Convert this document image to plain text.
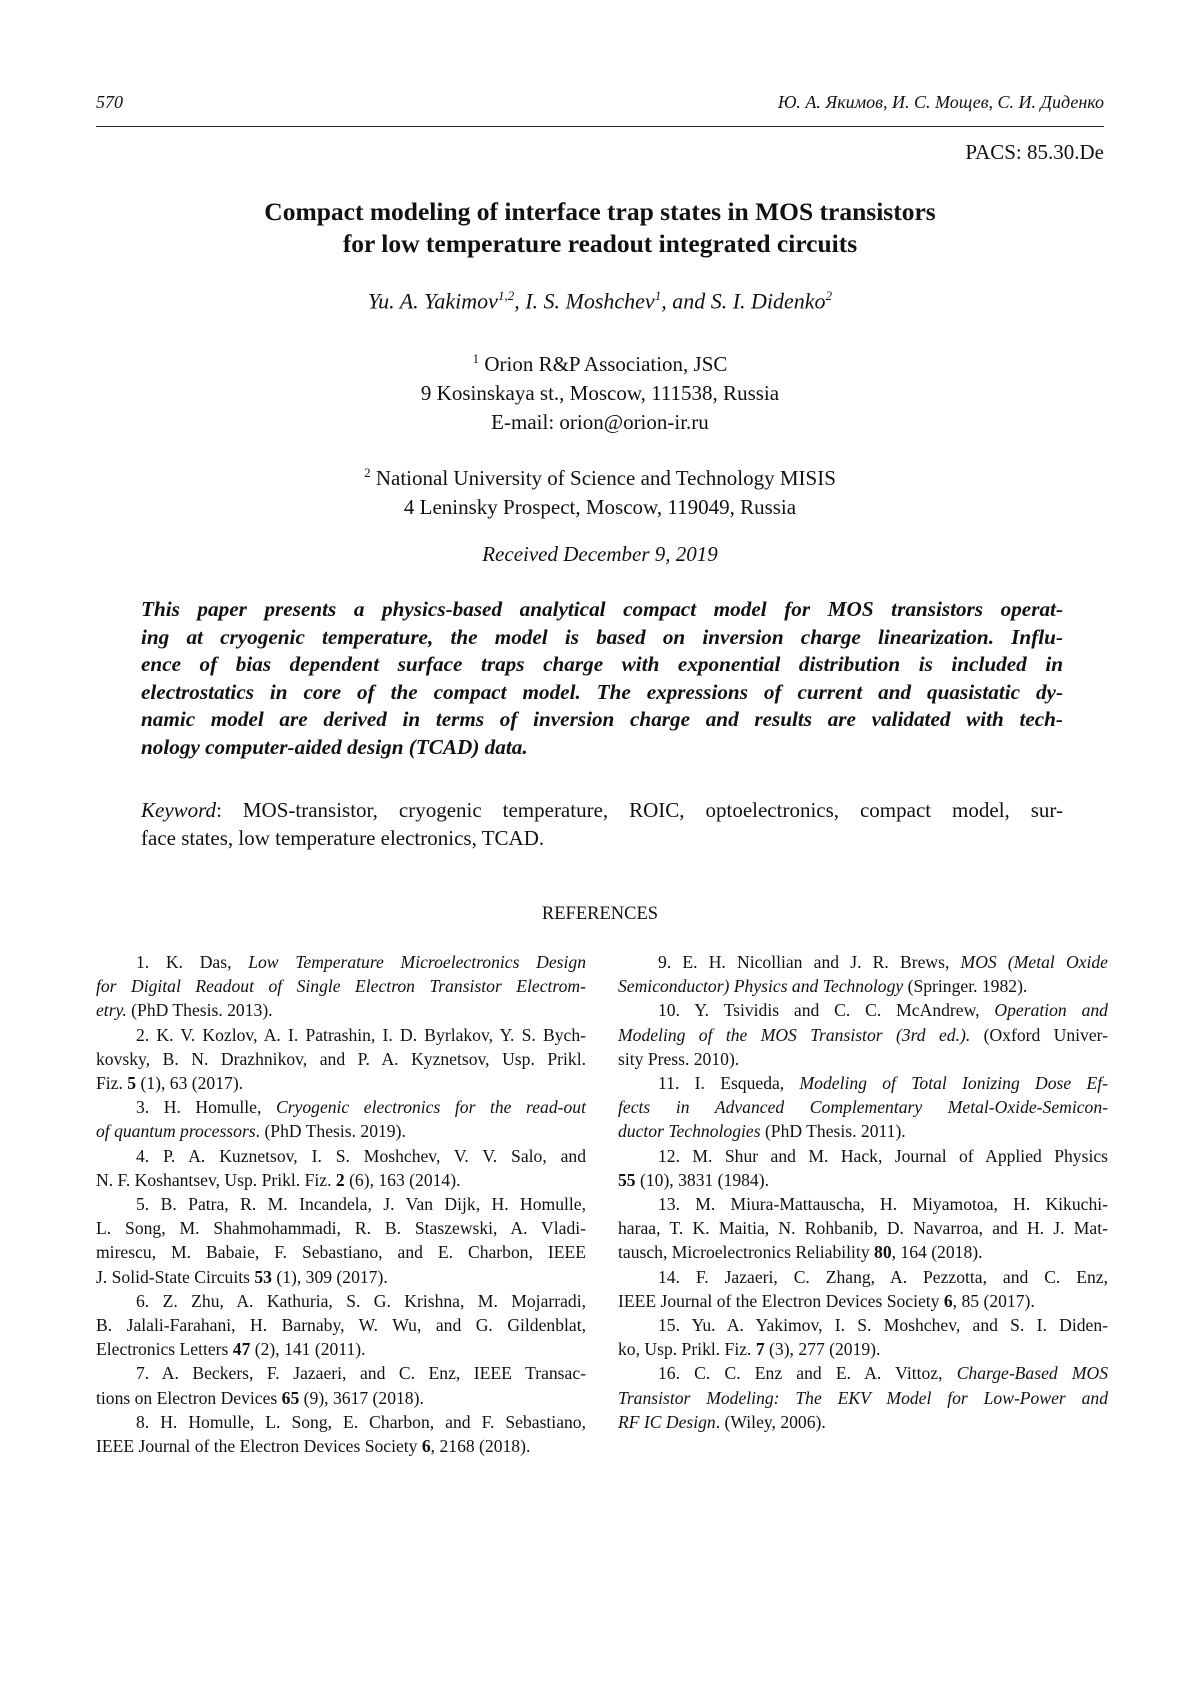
570	Ю. А. Якимов, И. С. Мощев, С. И. Диденко
PACS: 85.30.De
Compact modeling of interface trap states in MOS transistors
for low temperature readout integrated circuits
Yu. A. Yakimov1,2, I. S. Moshchev1, and S. I. Didenko2
1 Orion R&P Association, JSC
9 Kosinskaya st., Moscow, 111538, Russia
E-mail: orion@orion-ir.ru
2 National University of Science and Technology MISIS
4 Leninsky Prospect, Moscow, 119049, Russia
Received December 9, 2019
This paper presents a physics-based analytical compact model for MOS transistors operat-
ing at cryogenic temperature, the model is based on inversion charge linearization. Influ-
ence of bias dependent surface traps charge with exponential distribution is included in
electrostatics in core of the compact model. The expressions of current and quasistatic dy-
namic model are derived in terms of inversion charge and results are validated with tech-
nology computer-aided design (TCAD) data.
Keyword: MOS-transistor, cryogenic temperature, ROIC, optoelectronics, compact model, sur-
face states, low temperature electronics, TCAD.
REFERENCES
1. K. Das, Low Temperature Microelectronics Design
for Digital Readout of Single Electron Transistor Electrom-
etry. (PhD Thesis. 2013).
2. K. V. Kozlov, A. I. Patrashin, I. D. Byrlakov, Y. S. Bych-
kovsky, B. N. Drazhnikov, and P. A. Kyznetsov, Usp. Prikl.
Fiz. 5 (1), 63 (2017).
3. H. Homulle, Cryogenic electronics for the read-out
of quantum processors. (PhD Thesis. 2019).
4. P. A. Kuznetsov, I. S. Moshchev, V. V. Salo, and
N. F. Koshantsev, Usp. Prikl. Fiz. 2 (6), 163 (2014).
5. B. Patra, R. M. Incandela, J. Van Dijk, H. Homulle,
L. Song, M. Shahmohammadi, R. B. Staszewski, A. Vladi-
mirescu, M. Babaie, F. Sebastiano, and E. Charbon, IEEE
J. Solid-State Circuits 53 (1), 309 (2017).
6. Z. Zhu, A. Kathuria, S. G. Krishna, M. Mojarradi,
B. Jalali-Farahani, H. Barnaby, W. Wu, and G. Gildenblat,
Electronics Letters 47 (2), 141 (2011).
7. A. Beckers, F. Jazaeri, and C. Enz, IEEE Transac-
tions on Electron Devices 65 (9), 3617 (2018).
8. H. Homulle, L. Song, E. Charbon, and F. Sebastiano,
IEEE Journal of the Electron Devices Society 6, 2168 (2018).
9. E. H. Nicollian and J. R. Brews, MOS (Metal Oxide
Semiconductor) Physics and Technology (Springer. 1982).
10. Y. Tsividis and C. C. McAndrew, Operation and
Modeling of the MOS Transistor (3rd ed.). (Oxford Univer-
sity Press. 2010).
11. I. Esqueda, Modeling of Total Ionizing Dose Ef-
fects in Advanced Complementary Metal-Oxide-Semicon-
ductor Technologies (PhD Thesis. 2011).
12. M. Shur and M. Hack, Journal of Applied Physics
55 (10), 3831 (1984).
13. M. Miura-Mattauscha, H. Miyamotoa, H. Kikuchi-
haraa, T. K. Maitia, N. Rohbanib, D. Navarroa, and H. J. Mat-
tausch, Microelectronics Reliability 80, 164 (2018).
14. F. Jazaeri, C. Zhang, A. Pezzotta, and C. Enz,
IEEE Journal of the Electron Devices Society 6, 85 (2017).
15. Yu. A. Yakimov, I. S. Moshchev, and S. I. Diden-
ko, Usp. Prikl. Fiz. 7 (3), 277 (2019).
16. C. C. Enz and E. A. Vittoz, Charge-Based MOS
Transistor Modeling: The EKV Model for Low-Power and
RF IC Design. (Wiley, 2006).
